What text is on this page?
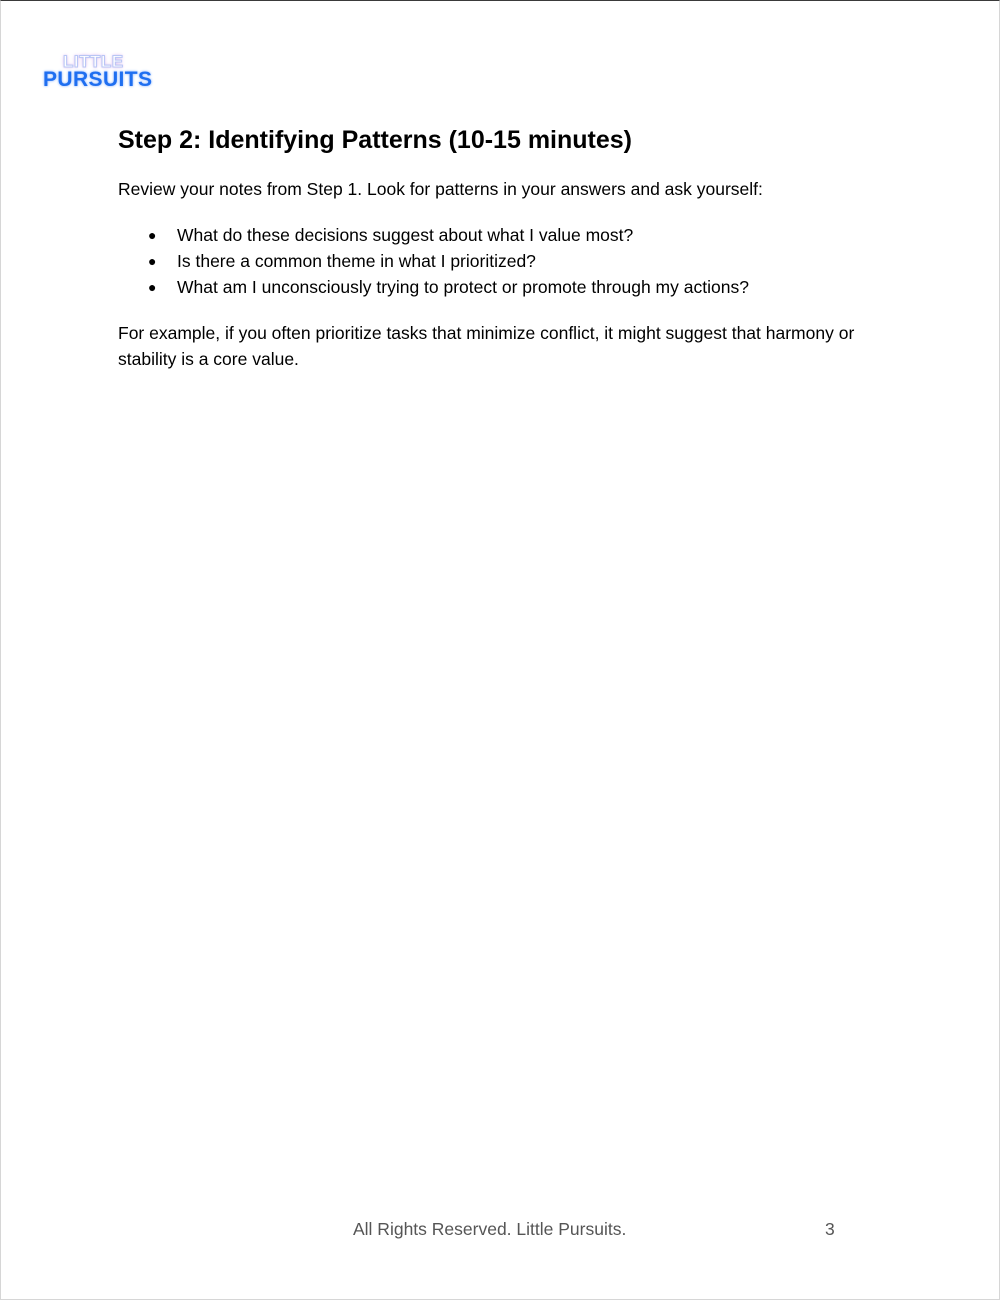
LITTLE
PURSUITS
Step 2: Identifying Patterns (10-15 minutes)

Review your notes from Step 1. Look for patterns in your answers and ask yourself:

● What do these decisions suggest about what I value most?
● Is there a common theme in what I prioritized?
● What am I unconsciously trying to protect or promote through my actions?

For example, if you often prioritize tasks that minimize conflict, it might suggest that harmony or stability is a core value.

All Rights Reserved. Little Pursuits.	3
